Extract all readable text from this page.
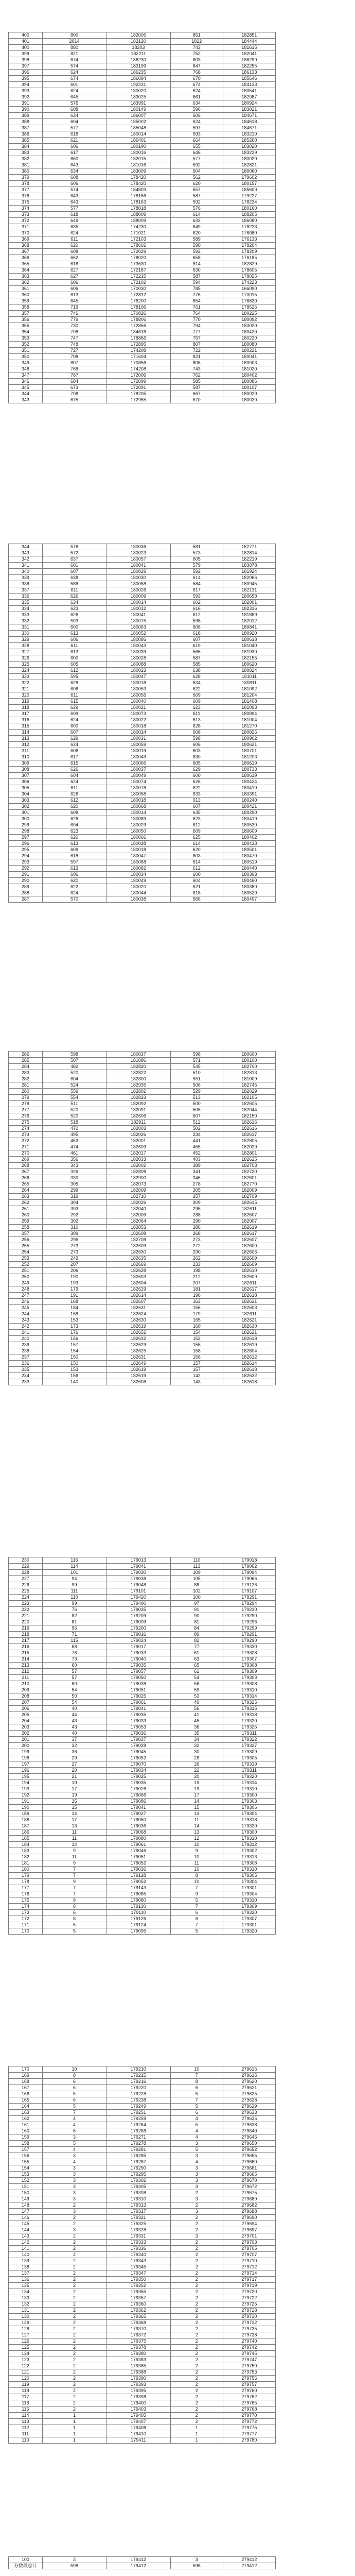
400	800	182005	851	182851
401	2014	182120	1822	184444
400	880	18203	743	181615
399	821	182211	752	182041
398	674	186230	803	186299
397	574	183199	847	182255
396	624	186235	768	186133
395	674	186094	670	185646
394	601	192231	674	184133
393	624	180020	624	180541
392	645	183025	661	182087
391	576	183991	634	180924
390	608	180149	596	183021
389	634	186007	606	184671
388	604	185002	624	184618
387	577	185048	597	184671
386	618	180014	593	183219
385	621	186401	664	185260
384	606	180190	655	183020
383	617	180016	646	183229
382	660	182015	577	180029
381	643	181016	592	182821
380	634	183009	604	180060
379	608	178420	562	179602
378	606	178420	620	180157
377	574	184803	557	185609
376	643	178166	587	179227
375	643	178163	592	178234
374	577	178018	576	180160
373	618	188009	614	188205
372	649	188009	633	186080
371	635	174230	649	178223
370	624	171021	620	176080
369	611	172103	589	176133
368	620	178602	590	178204
367	608	172029	592	178209
366	662	178020	658	176185
365	616	173630	614	182829
364	627	172187	630	178605
363	627	172215	587	178025
362	606	172102	594	174223
361	606	170030	785	166090
360	613	172812	776	170015
359	645	178200	654	176830
358	719	178106	761	178526
357	746	170826	764	180225
356	779	178806	770	180092
355	730	172856	794	183020
354	708	184616	777	180420
353	747	178866	757	180220
352	748	172895	807	180080
351	727	174208	722	180221
350	708	171604	821	180041
349	807	170856	806	180003
348	768	174208	743	181020
347	787	172006	762	180402
346	684	172099	585	180086
345	673	172091	587	180107
344	708	178205	667	180029
343	675	172955	670	180020
344	576	180036	581	182771
343	572	180023	573	182814
342	637	180057	605	182219
341	601	180041	579	183078
340	607	180029	592	181924
339	638	180030	614	182066
338	586	180058	584	180945
337	611	180026	617	182131
336	626	180009	593	180658
335	634	180014	602	182001
334	623	180012	616	182316
333	626	180041	612	181889
332	593	180075	598	182012
331	600	180063	606	180841
330	613	180052	618	180920
329	606	180086	607	180618
328	611	180043	619	181040
327	613	180039	566	181930
326	600	180028	587	182155
325	605	180088	585	180620
324	612	180023	638	180824
323	595	180047	628	181011
322	628	180018	634	180811
321	608	180053	622	181092
320	611	180056	609	181204
319	615	180040	609	181408
318	629	180021	623	181093
317	609	180073	611	180894
316	624	180022	613	181004
315	600	180018	628	181270
314	607	180014	608	180826
313	629	180031	598	180902
312	624	180059	606	180621
311	606	180019	603	180701
310	617	180049	630	181203
309	615	180066	605	180619
308	626	180037	629	180733
307	604	180049	600	180619
306	624	180074	626	180424
305	611	180078	622	180419
304	626	180058	633	180391
303	612	180018	613	180240
302	620	180068	607	180421
301	608	180014	635	180290
300	626	180089	623	180419
299	604	180029	612	180530
298	623	180050	609	180609
297	620	180066	625	180402
296	613	180038	614	180438
295	609	180018	620	180501
294	618	180047	603	180470
293	597	180068	614	180519
292	613	180082	612	180440
291	606	180034	600	180393
290	620	180049	604	180460
289	622	180020	621	180380
288	624	180044	618	180529
287	570	180038	566	180497
286	598	180037	598	180600
285	507	181086	571	180100
284	482	182820	545	182700
283	520	182822	510	182813
282	604	182800	551	181009
281	524	182935	506	182745
280	559	182802	529	182029
279	554	182823	513	182105
278	511	182092	500	182605
277	520	182091	506	182044
276	520	182606	507	182150
275	518	182911	511	182616
274	470	182003	502	182616
273	495	182026	234	182617
272	453	182001	441	182805
271	474	182609	455	182029
270	461	182017	452	182801
269	356	182033	403	182625
268	343	182002	389	182703
267	326	182808	341	182720
266	330	182900	346	182601
265	305	182073	278	182770
264	299	182009	305	182009
263	319	182710	357	182709
262	304	182026	309	182615
261	303	182040	295	182611
260	292	182009	288	182607
259	302	182064	290	182007
258	310	182053	286	182619
257	309	182608	268	182617
256	296	182708	273	182607
255	273	182609	272	182600
254	273	182630	290	182606
253	249	182635	262	182609
252	207	182669	233	182609
251	206	182628	198	182610
250	190	182603	212	182609
249	193	182604	207	182611
248	179	182629	181	182617
247	191	182614	196	182618
246	168	182607	163	182621
245	184	182631	156	182603
244	168	182624	179	182611
243	153	182630	165	182621
242	173	182619	160	182630
241	176	182652	154	182621
240	156	182632	152	182618
239	157	182629	155	182619
238	154	182625	158	182604
237	150	182631	156	182612
236	150	182649	157	182614
235	153	182619	157	182618
234	156	182619	142	182632
233	140	182608	143	182618
230	116	179013	110	179018
229	114	179041	113	179062
228	101	179030	109	179094
227	94	179038	105	179066
226	99	179048	88	179126
225	111	179101	102	179107
224	110	179420	100	179291
223	99	179400	97	179294
222	76	179035	91	179230
221	82	179209	90	179290
220	81	179009	81	179296
219	96	179200	84	179299
218	71	179016	89	179291
217	115	179024	82	179290
216	68	179017	77	179330
215	76	179033	61	179308
214	73	179040	63	179307
213	60	179035	65	179308
212	57	179057	61	179309
211	57	179050	54	179303
210	60	179038	56	179308
209	54	179051	59	179310
208	50	179025	53	179314
207	54	179061	49	179325
206	40	179041	56	179315
205	44	179035	41	179318
204	43	179033	45	179320
203	43	179053	36	179325
202	40	179036	35	179311
201	37	179037	34	179322
200	32	179028	32	179327
199	36	179045	30	179309
198	29	179052	28	179305
197	27	179070	26	179319
196	20	179034	22	179311
195	21	179025	20	179320
194	19	179035	19	179314
193	17	179026	19	179310
192	19	179066	17	179300
191	15	179086	14	179303
190	15	179041	15	179306
189	14	179027	13	179304
188	17	179050	11	179318
187	13	179036	14	179320
186	11	179068	13	179300
185	11	179080	12	179310
184	14	179061	10	179312
183	9	179046	9	179302
182	11	179051	10	179313
181	9	179052	11	179308
180	7	179036	10	179310
179	7	179128	8	179305
178	9	179052	10	179304
177	7	179143	7	179301
176	7	179065	9	179304
175	9	179080	5	179310
174	8	179130	7	179309
173	6	179110	6	179320
172	8	179126	6	179307
171	6	179124	7	179301
170	5	179095	5	179320
170	10	179210	10	279615
169	8	179215	7	279615
168	6	179216	8	279620
167	5	179220	6	279621
166	5	179228	5	279625
165	6	179238	7	279628
164	5	179249	5	279629
163	7	179251	6	279633
162	4	179259	4	279635
161	4	179264	5	279638
160	6	179268	4	279640
159	3	179271	4	279645
158	5	179278	3	279650
157	4	179281	5	279652
156	3	179285	3	279655
155	4	179287	4	279660
154	3	179290	3	279661
153	3	179295	3	279665
152	3	179302	3	279670
151	3	179305	3	279672
150	3	179308	2	279675
149	3	179310	3	279680
148	2	179313	2	279682
147	3	179317	3	279688
146	2	179321	2	279690
145	2	179325	2	279694
144	3	179328	2	279697
143	2	179331	3	279701
142	2	179333	2	279703
141	2	179336	2	279705
140	2	179340	2	279707
139	2	179343	2	279710
138	2	179345	2	279712
137	2	179347	2	279714
136	2	179350	2	279717
135	2	179352	2	279719
134	2	179355	2	279720
133	2	179357	2	279722
132	2	179360	2	279725
131	2	179362	2	279728
130	2	179365	2	279730
129	2	179368	2	279732
128	2	179370	2	279735
127	2	179372	2	279738
126	2	179375	2	279740
125	2	179378	2	279742
124	2	179380	2	279745
123	2	179383	2	279747
122	2	179385	2	279750
121	2	179388	2	279753
120	2	179390	2	279755
119	2	179393	2	279757
118	2	179395	2	279760
117	2	179398	2	279762
116	2	179400	2	279765
115	2	179403	2	279768
114	1	179405	2	279770
113	1	179407	2	279772
112	1	179408	1	279775
111	1	179410	1	279777
110	1	179411	1	279780
100	3	179412	3	279412
分数段总计	598	179412	598	279412
